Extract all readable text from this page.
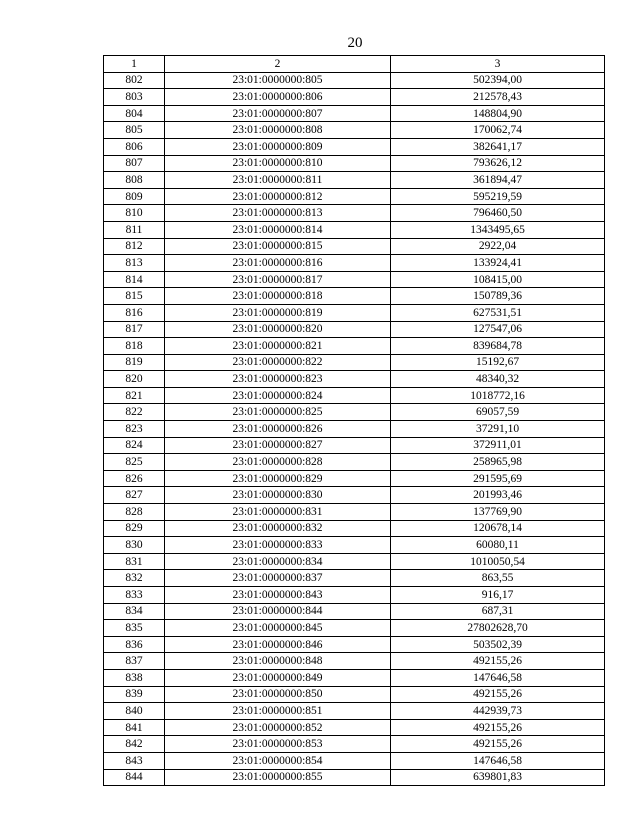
20
1	2	3
802	23:01:0000000:805	502394,00
803	23:01:0000000:806	212578,43
804	23:01:0000000:807	148804,90
805	23:01:0000000:808	170062,74
806	23:01:0000000:809	382641,17
807	23:01:0000000:810	793626,12
808	23:01:0000000:811	361894,47
809	23:01:0000000:812	595219,59
810	23:01:0000000:813	796460,50
811	23:01:0000000:814	1343495,65
812	23:01:0000000:815	2922,04
813	23:01:0000000:816	133924,41
814	23:01:0000000:817	108415,00
815	23:01:0000000:818	150789,36
816	23:01:0000000:819	627531,51
817	23:01:0000000:820	127547,06
818	23:01:0000000:821	839684,78
819	23:01:0000000:822	15192,67
820	23:01:0000000:823	48340,32
821	23:01:0000000:824	1018772,16
822	23:01:0000000:825	69057,59
823	23:01:0000000:826	37291,10
824	23:01:0000000:827	372911,01
825	23:01:0000000:828	258965,98
826	23:01:0000000:829	291595,69
827	23:01:0000000:830	201993,46
828	23:01:0000000:831	137769,90
829	23:01:0000000:832	120678,14
830	23:01:0000000:833	60080,11
831	23:01:0000000:834	1010050,54
832	23:01:0000000:837	863,55
833	23:01:0000000:843	916,17
834	23:01:0000000:844	687,31
835	23:01:0000000:845	27802628,70
836	23:01:0000000:846	503502,39
837	23:01:0000000:848	492155,26
838	23:01:0000000:849	147646,58
839	23:01:0000000:850	492155,26
840	23:01:0000000:851	442939,73
841	23:01:0000000:852	492155,26
842	23:01:0000000:853	492155,26
843	23:01:0000000:854	147646,58
844	23:01:0000000:855	639801,83
